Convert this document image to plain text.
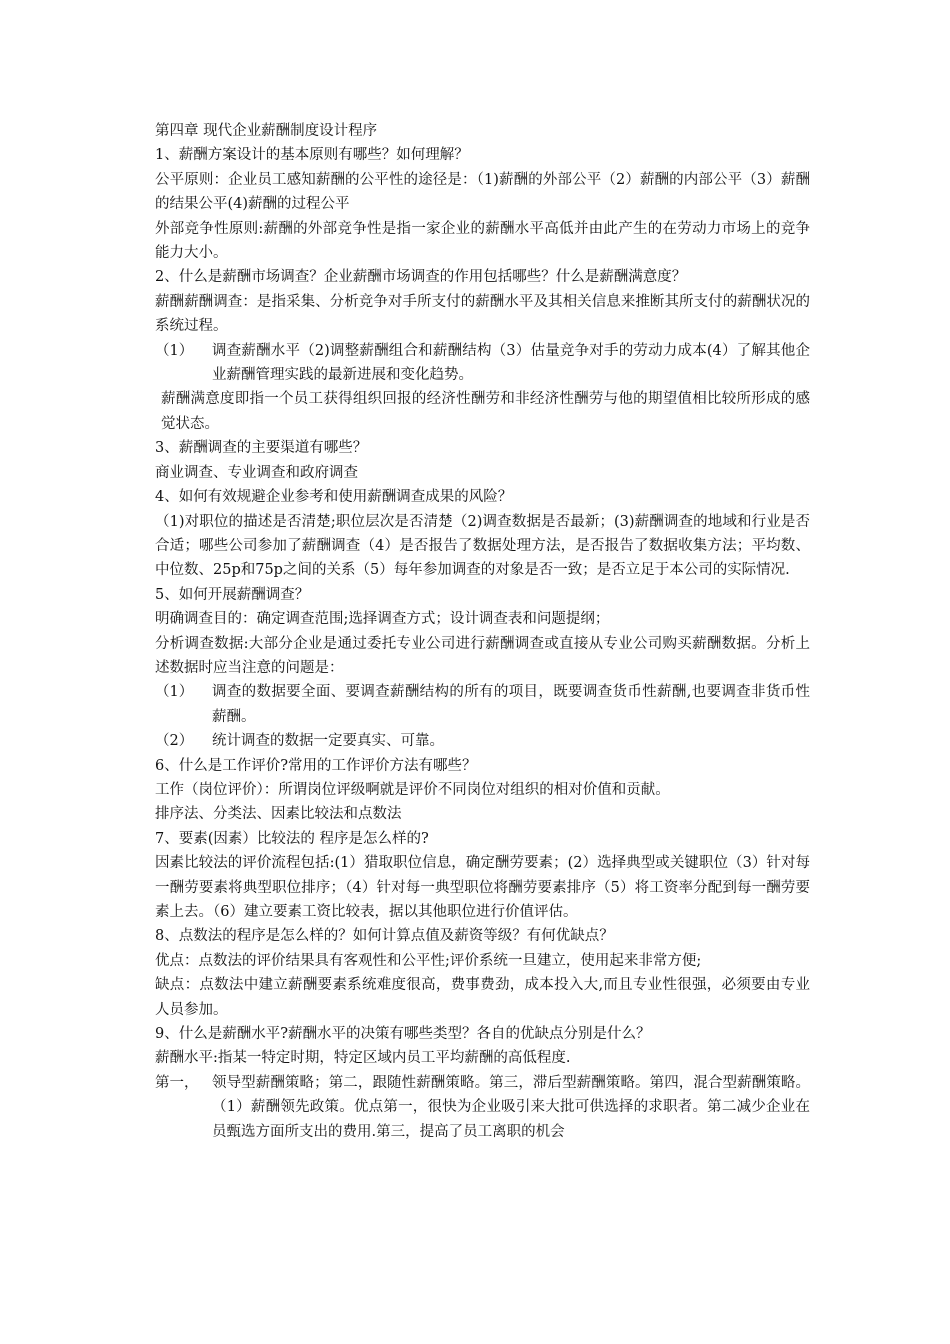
第四章 现代企业薪酬制度设计程序

1、薪酬方案设计的基本原则有哪些？如何理解？

公平原则：企业员工感知薪酬的公平性的途径是：（1)薪酬的外部公平（2）薪酬的内部公平（3）薪酬的结果公平(4)薪酬的过程公平

外部竞争性原则:薪酬的外部竞争性是指一家企业的薪酬水平高低并由此产生的在劳动力市场上的竞争能力大小。

2、什么是薪酬市场调查？企业薪酬市场调查的作用包括哪些？什么是薪酬满意度？

薪酬薪酬调查：是指采集、分析竞争对手所支付的薪酬水平及其相关信息来推断其所支付的薪酬状况的系统过程。

（1）	调查薪酬水平（2)调整薪酬组合和薪酬结构（3）估量竞争对手的劳动力成本(4）了解其他企业薪酬管理实践的最新进展和变化趋势。

薪酬满意度即指一个员工获得组织回报的经济性酬劳和非经济性酬劳与他的期望值相比较所形成的感觉状态。

3、薪酬调查的主要渠道有哪些？

商业调查、专业调查和政府调查

4、如何有效规避企业参考和使用薪酬调查成果的风险？

（1)对职位的描述是否清楚;职位层次是否清楚（2)调查数据是否最新；(3)薪酬调查的地域和行业是否合适；哪些公司参加了薪酬调查（4）是否报告了数据处理方法，是否报告了数据收集方法；平均数、中位数、25p和75p之间的关系（5）每年参加调查的对象是否一致；是否立足于本公司的实际情况.

5、如何开展薪酬调查？

明确调查目的：确定调查范围;选择调查方式；设计调查表和问题提纲；

分析调查数据:大部分企业是通过委托专业公司进行薪酬调查或直接从专业公司购买薪酬数据。分析上述数据时应当注意的问题是：

（1）	调查的数据要全面、要调查薪酬结构的所有的项目，既要调查货币性薪酬,也要调查非货币性薪酬。
（2）	统计调查的数据一定要真实、可靠。

6、什么是工作评价?常用的工作评价方法有哪些？

工作（岗位评价）：所谓岗位评级啊就是评价不同岗位对组织的相对价值和贡献。

排序法、分类法、因素比较法和点数法

7、要素(因素）比较法的 程序是怎么样的?

因素比较法的评价流程包括:(1）猎取职位信息，确定酬劳要素；(2）选择典型或关键职位（3）针对每一酬劳要素将典型职位排序；（4）针对每一典型职位将酬劳要素排序（5）将工资率分配到每一酬劳要素上去。（6）建立要素工资比较表，据以其他职位进行价值评估。

8、点数法的程序是怎么样的？如何计算点值及薪资等级？有何优缺点？

优点：点数法的评价结果具有客观性和公平性;评价系统一旦建立，使用起来非常方便;

缺点：点数法中建立薪酬要素系统难度很高，费事费劲，成本投入大,而且专业性很强，必须要由专业人员参加。

9、什么是薪酬水平?薪酬水平的决策有哪些类型？各自的优缺点分别是什么？

薪酬水平:指某一特定时期，特定区域内员工平均薪酬的高低程度.

第一， 领导型薪酬策略；第二，跟随性薪酬策略。第三，滞后型薪酬策略。第四，混合型薪酬策略。（1）薪酬领先政策。优点第一，很快为企业吸引来大批可供选择的求职者。第二减少企业在员甄选方面所支出的费用.第三，提高了员工离职的机会
